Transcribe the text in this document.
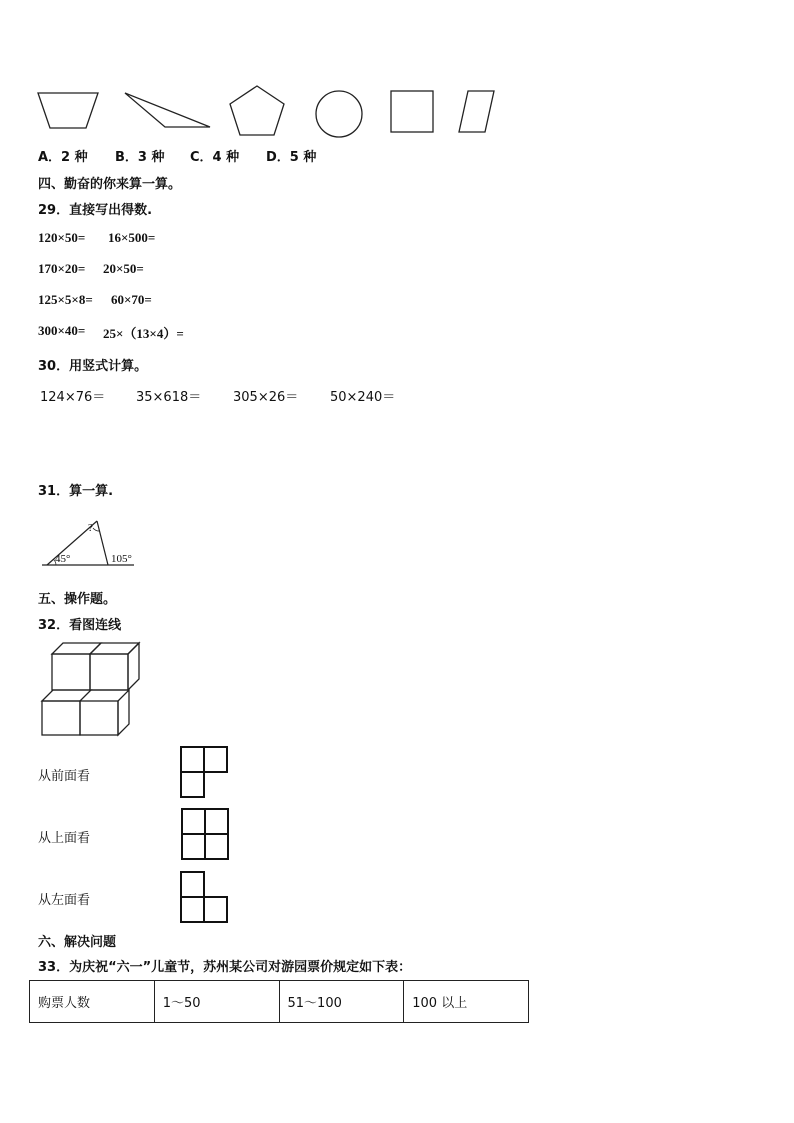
A．2 种 B．3 种 C．4 种 D．5 种
四、勤奋的你来算一算。
29．直接写出得数.
120×50= 16×500=
170×20= 20×50=
125×5×8= 60×70=
300×40= 25×（13×4）=
30．用竖式计算。
124×76＝ 35×618＝ 305×26＝ 50×240＝
31．算一算.
45°	105°
?
五、操作题。
32．看图连线
从前面看
从上面看
从左面看
六、解决问题
33．为庆祝“六一”儿童节，苏州某公司对游园票价规定如下表：
购票人数	1～50	51～100	100 以上
